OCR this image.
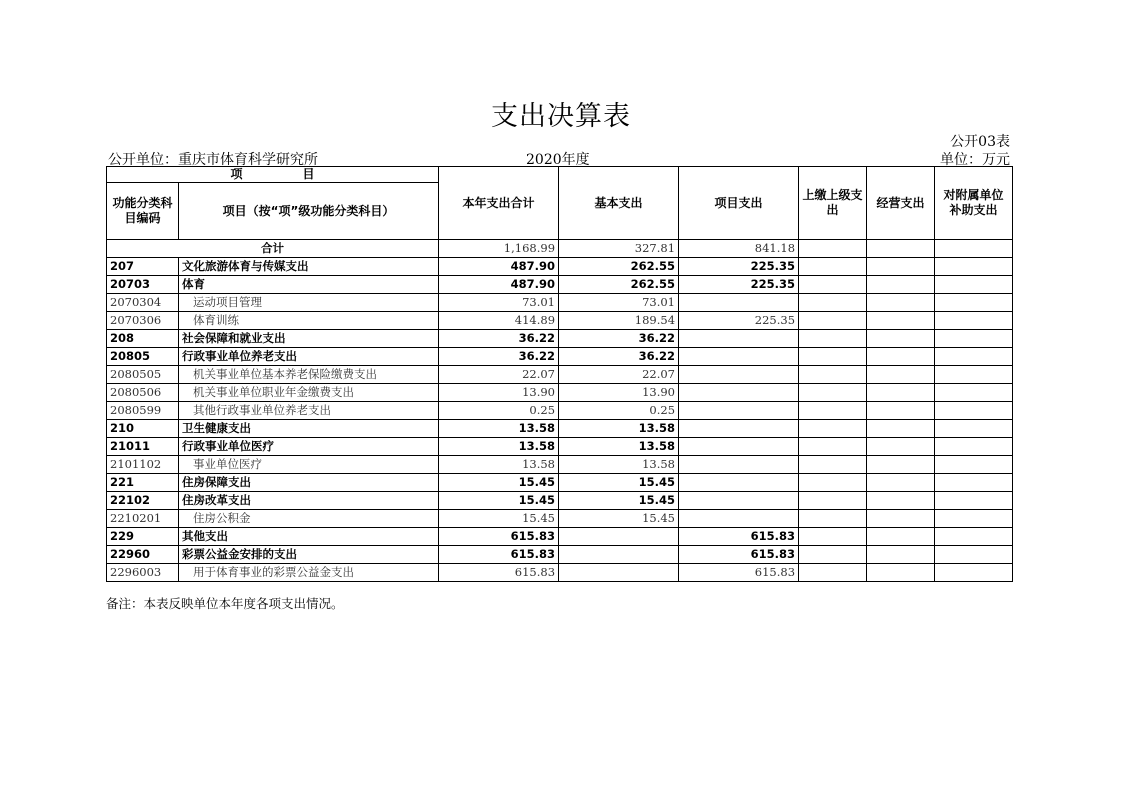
支出决算表
公开03表
公开单位：重庆市体育科学研究所	2020年度	单位：万元
项　　　　　目		本年支出合计	基本支出	项目支出	上缴上级支出	经营支出	对附属单位补助支出
功能分类科目编码	项目（按“项”级功能分类科目）						
合计		1,168.99	327.81	841.18			
207	文化旅游体育与传媒支出	487.90	262.55	225.35			
20703	体育	487.90	262.55	225.35			
2070304	运动项目管理	73.01	73.01				
2070306	体育训练	414.89	189.54	225.35			
208	社会保障和就业支出	36.22	36.22				
20805	行政事业单位养老支出	36.22	36.22				
2080505	机关事业单位基本养老保险缴费支出	22.07	22.07				
2080506	机关事业单位职业年金缴费支出	13.90	13.90				
2080599	其他行政事业单位养老支出	0.25	0.25				
210	卫生健康支出	13.58	13.58				
21011	行政事业单位医疗	13.58	13.58				
2101102	事业单位医疗	13.58	13.58				
221	住房保障支出	15.45	15.45				
22102	住房改革支出	15.45	15.45				
2210201	住房公积金	15.45	15.45				
229	其他支出	615.83		615.83			
22960	彩票公益金安排的支出	615.83		615.83			
2296003	用于体育事业的彩票公益金支出	615.83		615.83			
备注：本表反映单位本年度各项支出情况。
